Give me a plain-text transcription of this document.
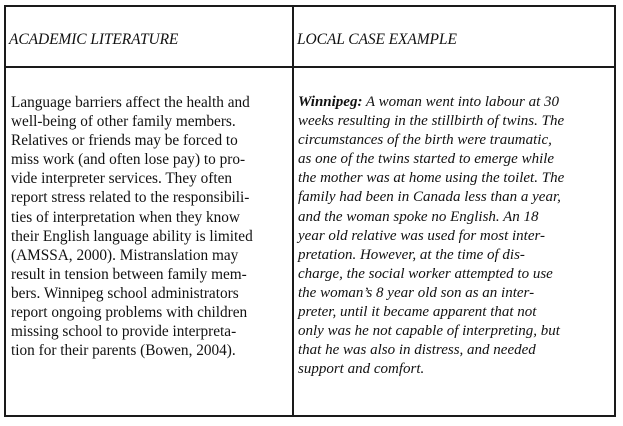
ACADEMIC LITERATURE	LOCAL CASE EXAMPLE
Language barriers affect the health and
well-being of other family members.
Relatives or friends may be forced to
miss work (and often lose pay) to pro-
vide interpreter services. They often
report stress related to the responsibili-
ties of interpretation when they know
their English language ability is limited
(AMSSA, 2000). Mistranslation may
result in tension between family mem-
bers. Winnipeg school administrators
report ongoing problems with children
missing school to provide interpreta-
tion for their parents (Bowen, 2004).
Winnipeg: A woman went into labour at 30
weeks resulting in the stillbirth of twins. The
circumstances of the birth were traumatic,
as one of the twins started to emerge while
the mother was at home using the toilet. The
family had been in Canada less than a year,
and the woman spoke no English. An 18
year old relative was used for most inter-
pretation. However, at the time of dis-
charge, the social worker attempted to use
the woman’s 8 year old son as an inter-
preter, until it became apparent that not
only was he not capable of interpreting, but
that he was also in distress, and needed
support and comfort.
